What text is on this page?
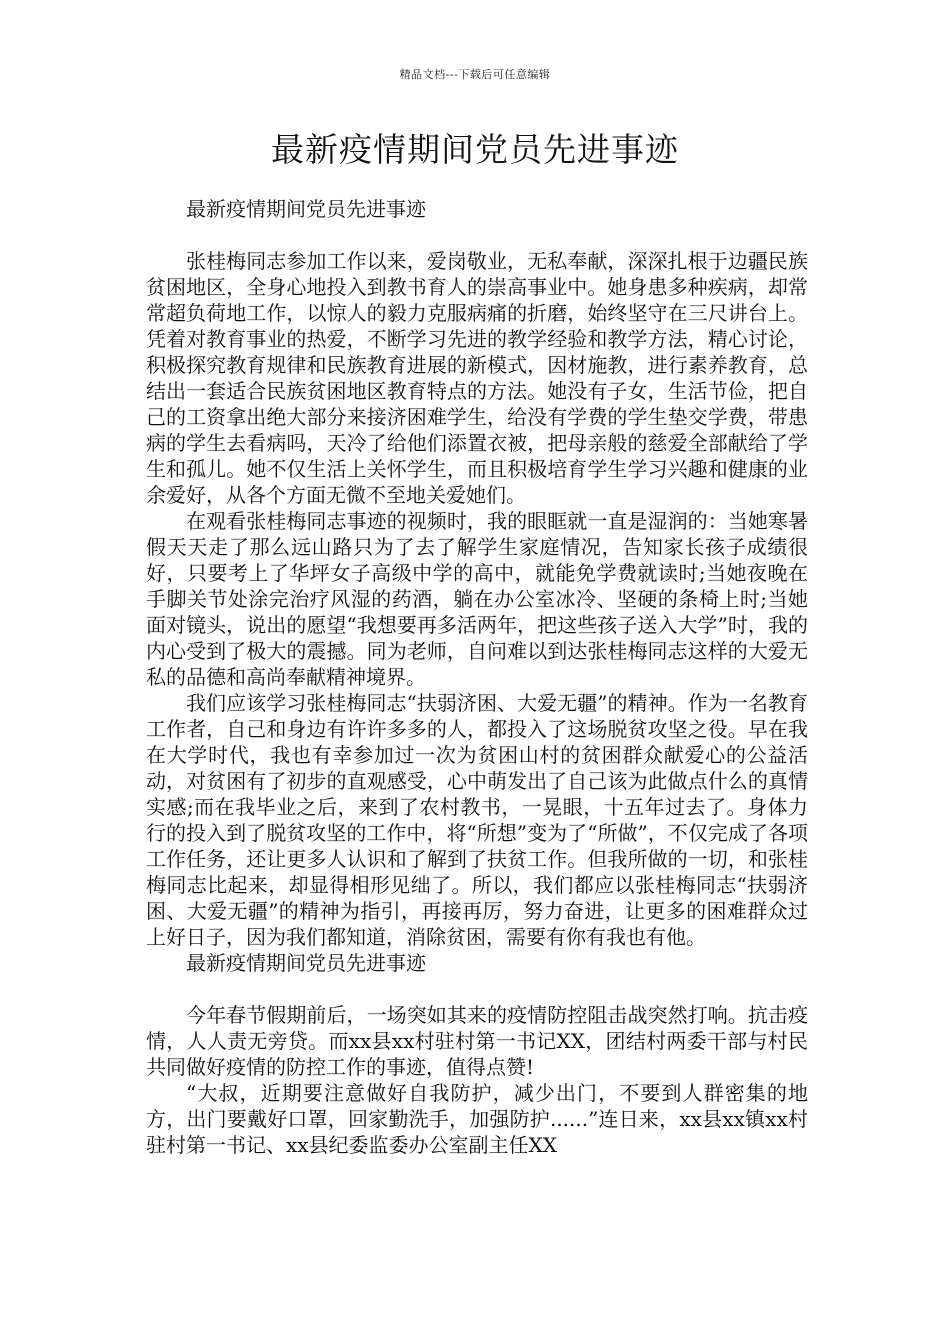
精品文档---下载后可任意编辑
最新疫情期间党员先进事迹

最新疫情期间党员先进事迹

张桂梅同志参加工作以来，爱岗敬业，无私奉献，深深扎根于边疆民族贫困地区，全身心地投入到教书育人的崇高事业中。她身患多种疾病，却常常超负荷地工作，以惊人的毅力克服病痛的折磨，始终坚守在三尺讲台上。凭着对教育事业的热爱，不断学习先进的教学经验和教学方法，精心讨论，积极探究教育规律和民族教育进展的新模式，因材施教，进行素养教育，总结出一套适合民族贫困地区教育特点的方法。她没有子女，生活节俭，把自己的工资拿出绝大部分来接济困难学生，给没有学费的学生垫交学费，带患病的学生去看病吗，天冷了给他们添置衣被，把母亲般的慈爱全部献给了学生和孤儿。她不仅生活上关怀学生，而且积极培育学生学习兴趣和健康的业余爱好，从各个方面无微不至地关爱她们。

在观看张桂梅同志事迹的视频时，我的眼眶就一直是湿润的：当她寒暑假天天走了那么远山路只为了去了解学生家庭情况，告知家长孩子成绩很好，只要考上了华坪女子高级中学的高中，就能免学费就读时;当她夜晚在手脚关节处涂完治疗风湿的药酒，躺在办公室冰冷、坚硬的条椅上时;当她面对镜头，说出的愿望“我想要再多活两年，把这些孩子送入大学”时，我的内心受到了极大的震撼。同为老师，自问难以到达张桂梅同志这样的大爱无私的品德和高尚奉献精神境界。

我们应该学习张桂梅同志“扶弱济困、大爱无疆”的精神。作为一名教育工作者，自己和身边有许许多多的人，都投入了这场脱贫攻坚之役。早在我在大学时代，我也有幸参加过一次为贫困山村的贫困群众献爱心的公益活动，对贫困有了初步的直观感受，心中萌发出了自己该为此做点什么的真情实感;而在我毕业之后，来到了农村教书，一晃眼，十五年过去了。身体力行的投入到了脱贫攻坚的工作中，将“所想”变为了“所做”，不仅完成了各项工作任务，还让更多人认识和了解到了扶贫工作。但我所做的一切，和张桂梅同志比起来，却显得相形见绌了。所以，我们都应以张桂梅同志“扶弱济困、大爱无疆”的精神为指引，再接再厉，努力奋进，让更多的困难群众过上好日子，因为我们都知道，消除贫困，需要有你有我也有他。

最新疫情期间党员先进事迹

今年春节假期前后，一场突如其来的疫情防控阻击战突然打响。抗击疫情，人人责无旁贷。而xx县xx村驻村第一书记XX，团结村两委干部与村民共同做好疫情的防控工作的事迹，值得点赞!

“大叔，近期要注意做好自我防护，减少出门，不要到人群密集的地方，出门要戴好口罩，回家勤洗手，加强防护......”连日来，xx县xx镇xx村驻村第一书记、xx县纪委监委办公室副主任XX
